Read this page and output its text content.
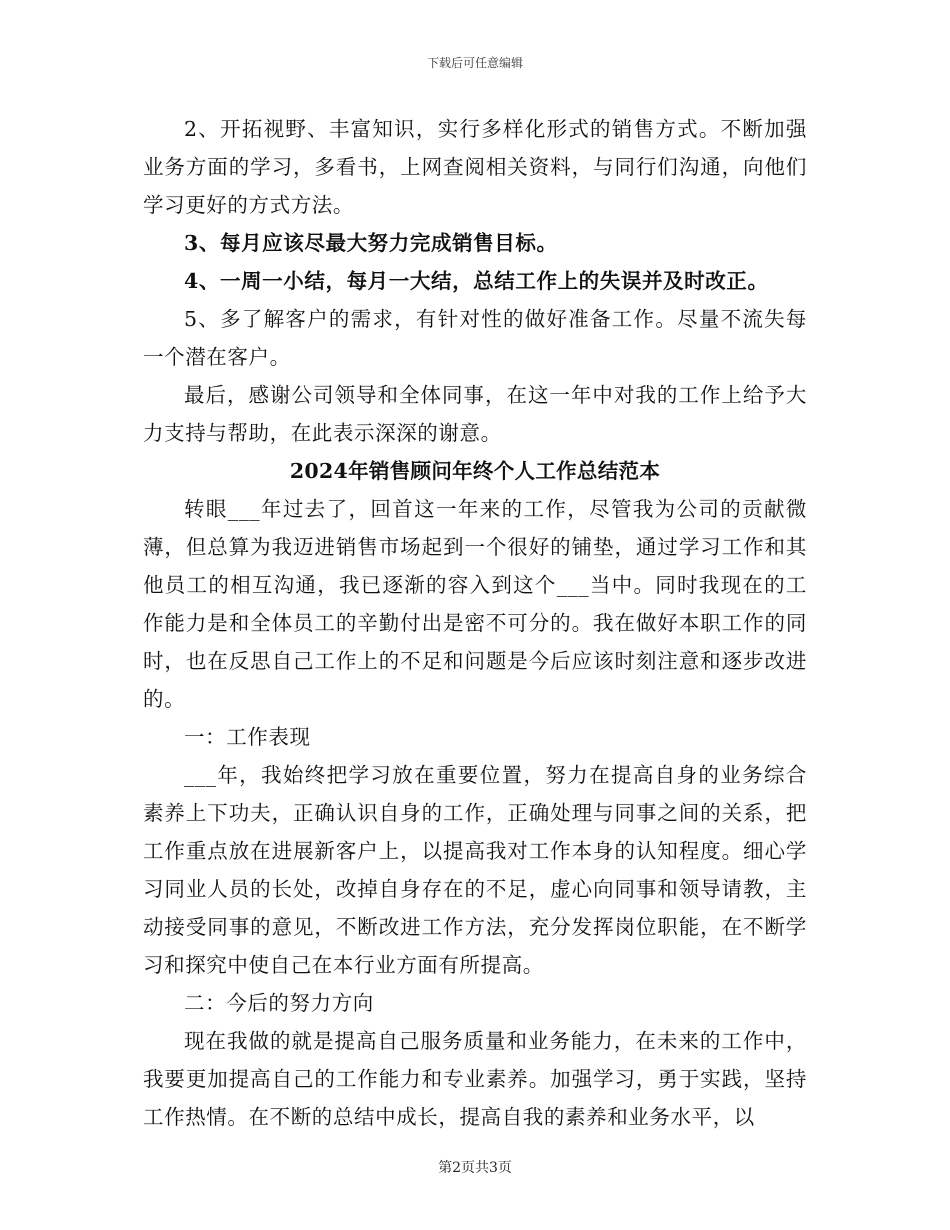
下载后可任意编辑

2、开拓视野、丰富知识，实行多样化形式的销售方式。不断加强业务方面的学习，多看书，上网查阅相关资料，与同行们沟通，向他们学习更好的方式方法。

3、每月应该尽最大努力完成销售目标。

4、一周一小结，每月一大结，总结工作上的失误并及时改正。

5、多了解客户的需求，有针对性的做好准备工作。尽量不流失每一个潜在客户。

最后，感谢公司领导和全体同事，在这一年中对我的工作上给予大力支持与帮助，在此表示深深的谢意。

2024年销售顾问年终个人工作总结范本

转眼___年过去了，回首这一年来的工作，尽管我为公司的贡献微薄，但总算为我迈进销售市场起到一个很好的铺垫，通过学习工作和其他员工的相互沟通，我已逐渐的容入到这个___当中。同时我现在的工作能力是和全体员工的辛勤付出是密不可分的。我在做好本职工作的同时，也在反思自己工作上的不足和问题是今后应该时刻注意和逐步改进的。

一：工作表现

___年，我始终把学习放在重要位置，努力在提高自身的业务综合素养上下功夫，正确认识自身的工作，正确处理与同事之间的关系，把工作重点放在进展新客户上，以提高我对工作本身的认知程度。细心学习同业人员的长处，改掉自身存在的不足，虚心向同事和领导请教，主动接受同事的意见，不断改进工作方法，充分发挥岗位职能，在不断学习和探究中使自己在本行业方面有所提高。

二：今后的努力方向

现在我做的就是提高自己服务质量和业务能力，在未来的工作中，我要更加提高自己的工作能力和专业素养。加强学习，勇于实践，坚持工作热情。在不断的总结中成长，提高自我的素养和业务水平，以

第2页共3页
